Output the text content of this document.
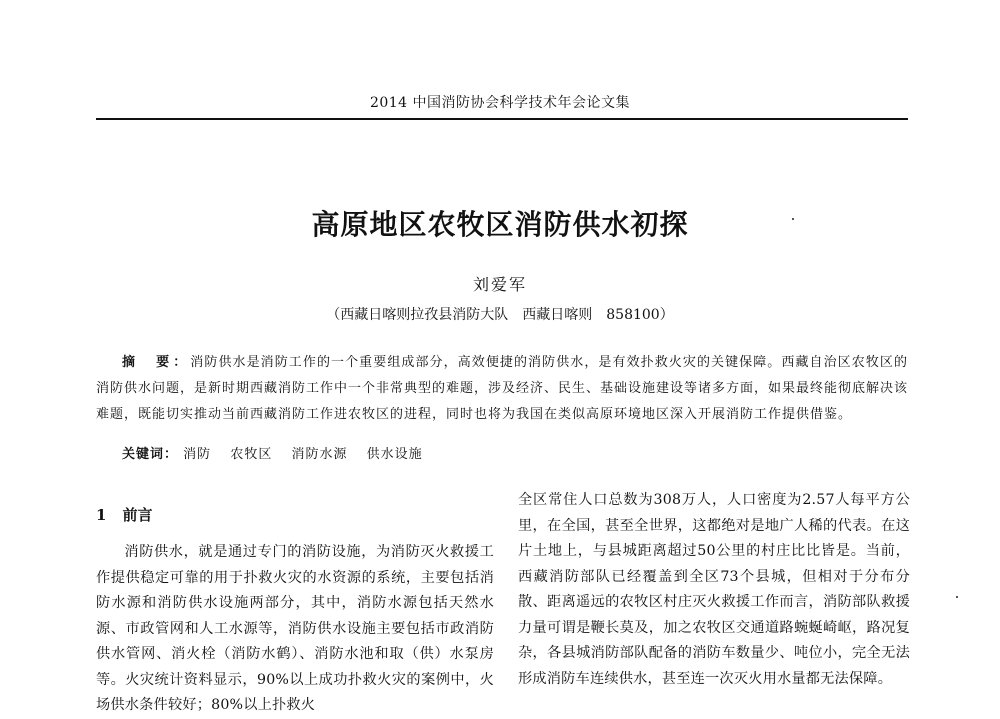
2014 中国消防协会科学技术年会论文集
高原地区农牧区消防供水初探
刘爱军
（西藏日喀则拉孜县消防大队　西藏日喀则　858100）
摘　要：消防供水是消防工作的一个重要组成部分，高效便捷的消防供水，是有效扑救火灾的关键保障。西藏自治区农牧区的消防供水问题，是新时期西藏消防工作中一个非常典型的难题，涉及经济、民生、基础设施建设等诸多方面，如果最终能彻底解决该难题，既能切实推动当前西藏消防工作进农牧区的进程，同时也将为我国在类似高原环境地区深入开展消防工作提供借鉴。
关键词： 消防 农牧区 消防水源 供水设施
1 前言
消防供水，就是通过专门的消防设施，为消防灭火救援工作提供稳定可靠的用于扑救火灾的水资源的系统，主要包括消防水源和消防供水设施两部分，其中，消防水源包括天然水源、市政管网和人工水源等，消防供水设施主要包括市政消防供水管网、消火栓（消防水鹤）、消防水池和取（供）水泵房等。火灾统计资料显示，90%以上成功扑救火灾的案例中，火场供水条件较好；80%以上扑救火
全区常住人口总数为308万人，人口密度为2.57人每平方公里，在全国，甚至全世界，这都绝对是地广人稀的代表。在这片土地上，与县城距离超过50公里的村庄比比皆是。当前，西藏消防部队已经覆盖到全区73个县城，但相对于分布分散、距离遥远的农牧区村庄灭火救援工作而言，消防部队救援力量可谓是鞭长莫及，加之农牧区交通道路蜿蜒崎岖，路况复杂，各县城消防部队配备的消防车数量少、吨位小，完全无法形成消防车连续供水，甚至连一次灭火用水量都无法保障。
